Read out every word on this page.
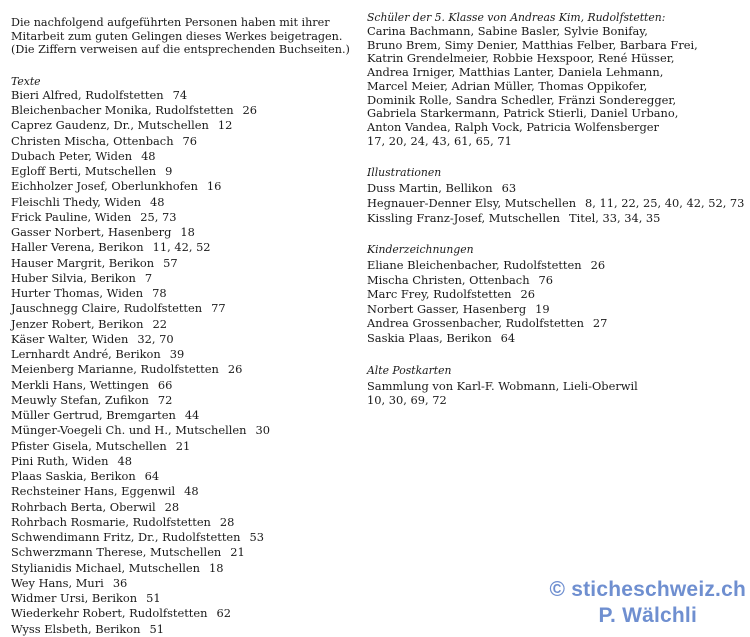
Die nachfolgend aufgeführten Personen haben mit ihrer
Mitarbeit zum guten Gelingen dieses Werkes beigetragen.
(Die Ziffern verweisen auf die entsprechenden Buchseiten.)
Texte
Bieri Alfred, Rudolfstetten 74
Bleichenbacher Monika, Rudolfstetten 26
Caprez Gaudenz, Dr., Mutschellen 12
Christen Mischa, Ottenbach 76
Dubach Peter, Widen 48
Egloff Berti, Mutschellen 9
Eichholzer Josef, Oberlunkhofen 16
Fleischli Thedy, Widen 48
Frick Pauline, Widen 25, 73
Gasser Norbert, Hasenberg 18
Haller Verena, Berikon 11, 42, 52
Hauser Margrit, Berikon 57
Huber Silvia, Berikon 7
Hurter Thomas, Widen 78
Jauschnegg Claire, Rudolfstetten 77
Jenzer Robert, Berikon 22
Käser Walter, Widen 32, 70
Lernhardt André, Berikon 39
Meienberg Marianne, Rudolfstetten 26
Merkli Hans, Wettingen 66
Meuwly Stefan, Zufikon 72
Müller Gertrud, Bremgarten 44
Münger-Voegeli Ch. und H., Mutschellen 30
Pfister Gisela, Mutschellen 21
Pini Ruth, Widen 48
Plaas Saskia, Berikon 64
Rechsteiner Hans, Eggenwil 48
Rohrbach Berta, Oberwil 28
Rohrbach Rosmarie, Rudolfstetten 28
Schwendimann Fritz, Dr., Rudolfstetten 53
Schwerzmann Therese, Mutschellen 21
Stylianidis Michael, Mutschellen 18
Wey Hans, Muri 36
Widmer Ursi, Berikon 51
Wiederkehr Robert, Rudolfstetten 62
Wyss Elsbeth, Berikon 51
Schüler der 5. Klasse von Andreas Kim, Rudolfstetten:
Carina Bachmann, Sabine Basler, Sylvie Bonifay,
Bruno Brem, Simy Denier, Matthias Felber, Barbara Frei,
Katrin Grendelmeier, Robbie Hexspoor, René Hüsser,
Andrea Irniger, Matthias Lanter, Daniela Lehmann,
Marcel Meier, Adrian Müller, Thomas Oppikofer,
Dominik Rolle, Sandra Schedler, Fränzi Sonderegger,
Gabriela Starkermann, Patrick Stierli, Daniel Urbano,
Anton Vandea, Ralph Vock, Patricia Wolfensberger
17, 20, 24, 43, 61, 65, 71
Illustrationen
Duss Martin, Bellikon 63
Hegnauer-Denner Elsy, Mutschellen 8, 11, 22, 25, 40, 42, 52, 73
Kissling Franz-Josef, Mutschellen Titel, 33, 34, 35
Kinderzeichnungen
Eliane Bleichenbacher, Rudolfstetten 26
Mischa Christen, Ottenbach 76
Marc Frey, Rudolfstetten 26
Norbert Gasser, Hasenberg 19
Andrea Grossenbacher, Rudolfstetten 27
Saskia Plaas, Berikon 64
Alte Postkarten
Sammlung von Karl-F. Wobmann, Lieli-Oberwil
10, 30, 69, 72
© sticheschweiz.ch
P. Wälchli
